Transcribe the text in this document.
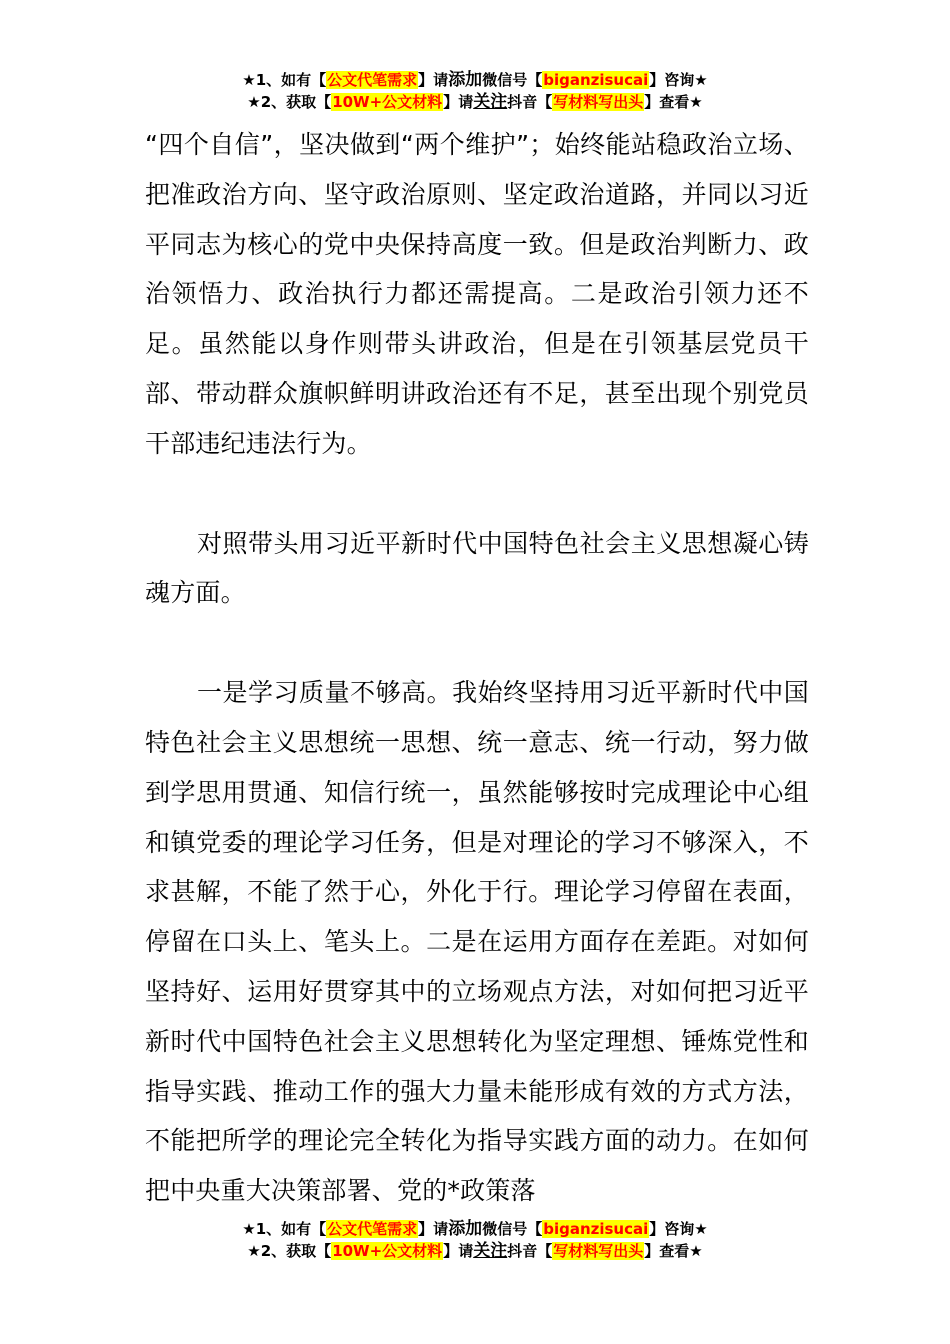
★1、如有【公文代笔需求】请添加微信号【biganzisucai】咨询★
★2、获取【10W+公文材料】请关注抖音【写材料写出头】查看★

“四个自信”，坚决做到“两个维护”；始终能站稳政治立场、把准政治方向、坚守政治原则、坚定政治道路，并同以习近平同志为核心的党中央保持高度一致。但是政治判断力、政治领悟力、政治执行力都还需提高。二是政治引领力还不足。虽然能以身作则带头讲政治，但是在引领基层党员干部、带动群众旗帜鲜明讲政治还有不足，甚至出现个别党员干部违纪违法行为。

对照带头用习近平新时代中国特色社会主义思想凝心铸魂方面。

一是学习质量不够高。我始终坚持用习近平新时代中国特色社会主义思想统一思想、统一意志、统一行动，努力做到学思用贯通、知信行统一，虽然能够按时完成理论中心组和镇党委的理论学习任务，但是对理论的学习不够深入，不求甚解，不能了然于心，外化于行。理论学习停留在表面，停留在口头上、笔头上。二是在运用方面存在差距。对如何坚持好、运用好贯穿其中的立场观点方法，对如何把习近平新时代中国特色社会主义思想转化为坚定理想、锤炼党性和指导实践、推动工作的强大力量未能形成有效的方式方法，不能把所学的理论完全转化为指导实践方面的动力。在如何把中央重大决策部署、党的*政策落

★1、如有【公文代笔需求】请添加微信号【biganzisucai】咨询★
★2、获取【10W+公文材料】请关注抖音【写材料写出头】查看★
